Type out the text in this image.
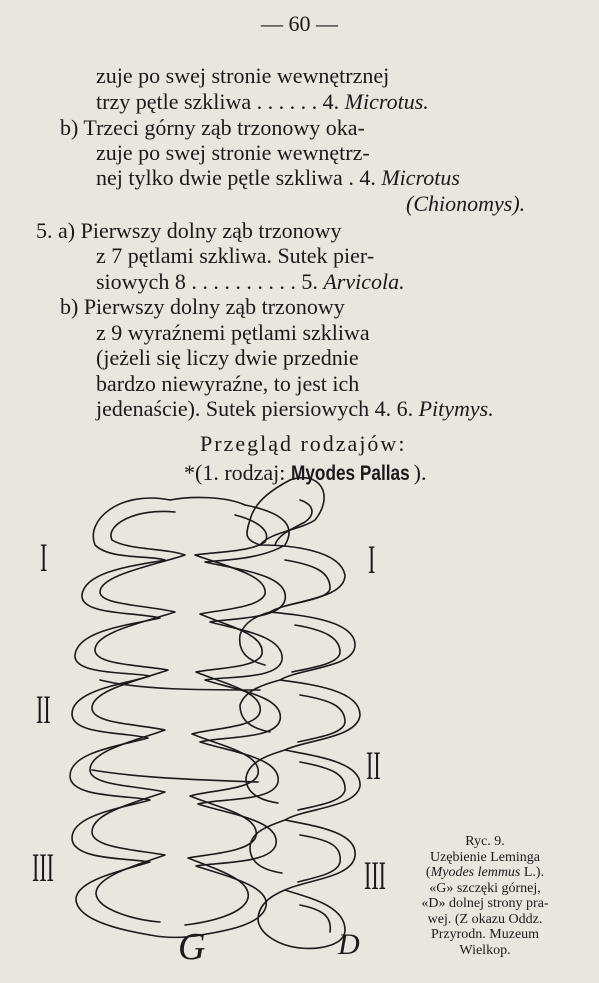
— 60 —
zuje po swej stronie wewnętrznej
trzy pętle szkliwa . . . . . . 4. Microtus.
b) Trzeci górny ząb trzonowy oka-
zuje po swej stronie wewnętrz-
nej tylko dwie pętle szkliwa . 4. Microtus
(Chionomys).
5. a) Pierwszy dolny ząb trzonowy
z 7 pętlami szkliwa. Sutek pier-
siowych 8 . . . . . . . . . . 5. Arvicola.
b) Pierwszy dolny ząb trzonowy
z 9 wyraźnemi pętlami szkliwa
(jeżeli się liczy dwie przednie
bardzo niewyraźne, to jest ich
jedenaście). Sutek piersiowych 4. 6. Pitymys.
Przegląd rodzajów:
*(1. rodzaj: Myodes Pallas ).
I
II
III
I
II
III
G	D
Ryc. 9.
Uzębienie Leminga
(Myodes lemmus L.).
«G» szczęki górnej,
«D» dolnej strony pra-
wej. (Z okazu Oddz.
Przyrodn. Muzeum
Wielkop.
